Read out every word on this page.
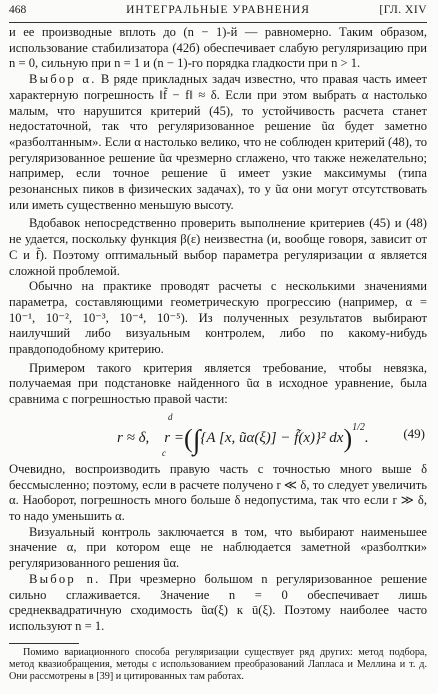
468	ИНТЕГРАЛЬНЫЕ УРАВНЕНИЯ	[ГЛ. XIV

и ее производные вплоть до (n − 1)-й — равномерно. Таким образом, использование стабилизатора (42б) обеспечивает слабую регуляризацию при n = 0, сильную при n = 1 и (n − 1)-го порядка гладкости при n > 1.

Выбор α. В ряде прикладных задач известно, что правая часть имеет характерную погрешность ‖f̃ − f‖ ≈ δ. Если при этом выбрать α настолько малым, что нарушится критерий (45), то устойчивость расчета станет недостаточной, так что регуляризованное решение ũα будет заметно «разболтанным». Если α настолько велико, что не соблюден критерий (48), то регуляризованное решение ũα чрезмерно сглажено, что также нежелательно; например, если точное решение ū имеет узкие максимумы (типа резонансных пиков в физических задачах), то у ũα они могут отсутствовать или иметь существенно меньшую высоту.

Вдобавок непосредственно проверить выполнение критериев (45) и (48) не удается, поскольку функция β(ε) неизвестна (и, вообще говоря, зависит от C и f̃). Поэтому оптимальный выбор параметра регуляризации α является сложной проблемой.

Обычно на практике проводят расчеты с несколькими значениями параметра, составляющими геометрическую прогрессию (например, α = 10⁻¹, 10⁻², 10⁻³, 10⁻⁴, 10⁻⁵). Из полученных результатов выбирают наилучший либо визуальным контролем, либо по какому-нибудь правдоподобному критерию.

Примером такого критерия является требование, чтобы невязка, получаемая при подстановке найденного ũα в исходное уравнение, была сравнима с погрешностью правой части:

d
c
r ≈ δ, r =(∫{A [x, ũα(ξ)] − f̃(x)}² dx)$^{1/2}$.	(49)

Очевидно, воспроизводить правую часть с точностью много выше δ бессмысленно; поэтому, если в расчете получено r ≪ δ, то следует увеличить α. Наоборот, погрешность много больше δ недопустима, так что если r ≫ δ, то надо уменьшить α.

Визуальный контроль заключается в том, что выбирают наименьшее значение α, при котором еще не наблюдается заметной «разболтки» регуляризованного решения ũα.

Выбор n. При чрезмерно большом n регуляризованное решение сильно сглаживается. Значение n = 0 обеспечивает лишь среднеквадратичную сходимость ũα(ξ) к ū(ξ). Поэтому наиболее часто используют n = 1.

Помимо вариационного способа регуляризации существует ряд других: метод подбора, метод квазиобращения, методы с использованием преобразований Лапласа и Меллина и т. д. Они рассмотрены в [39] и цитированных там работах.
